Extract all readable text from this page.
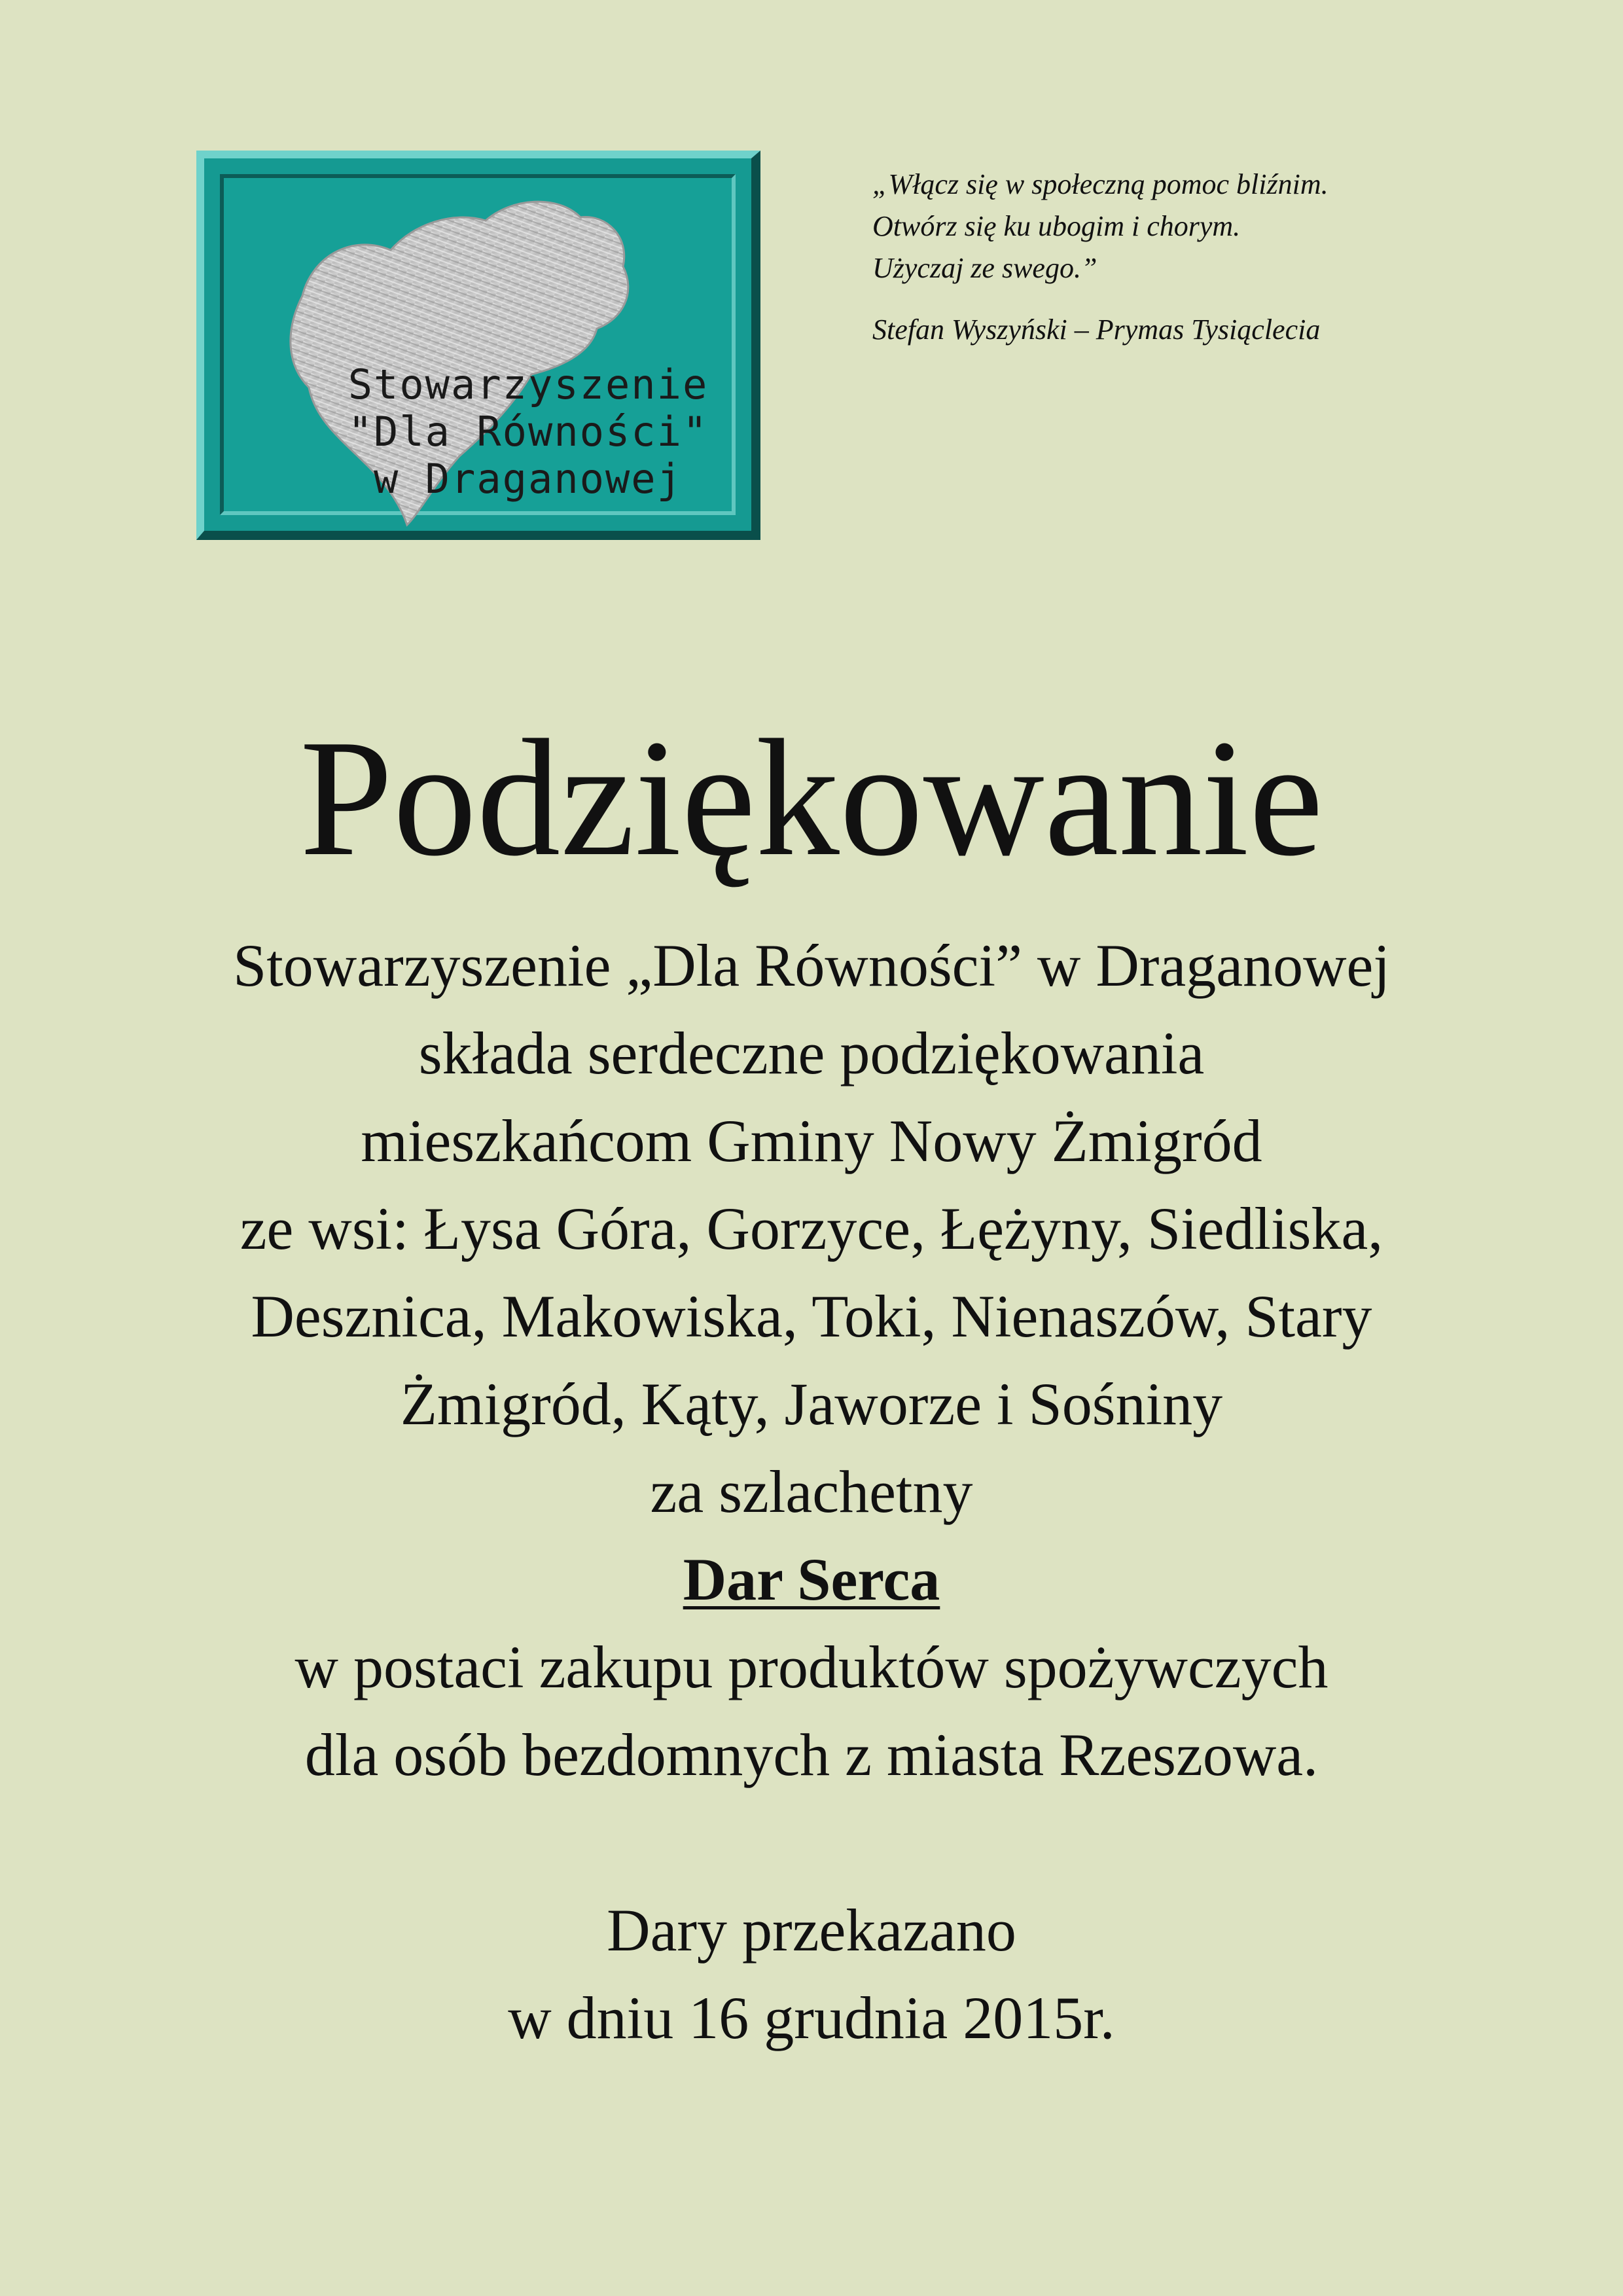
Stowarzyszenie
"Dla Równości"
w Draganowej
„Włącz się w społeczną pomoc bliźnim.
Otwórz się ku ubogim i chorym.
Użyczaj ze swego.”
Stefan Wyszyński – Prymas Tysiąclecia
Podziękowanie
Stowarzyszenie „Dla Równości” w Draganowej
składa serdeczne podziękowania
mieszkańcom Gminy Nowy Żmigród
ze wsi: Łysa Góra, Gorzyce, Łężyny, Siedliska,
Desznica, Makowiska, Toki, Nienaszów, Stary
Żmigród, Kąty, Jaworze i Sośniny
za szlachetny
Dar Serca
w postaci zakupu produktów spożywczych
dla osób bezdomnych z miasta Rzeszowa.
Dary przekazano
w dniu 16 grudnia 2015r.
